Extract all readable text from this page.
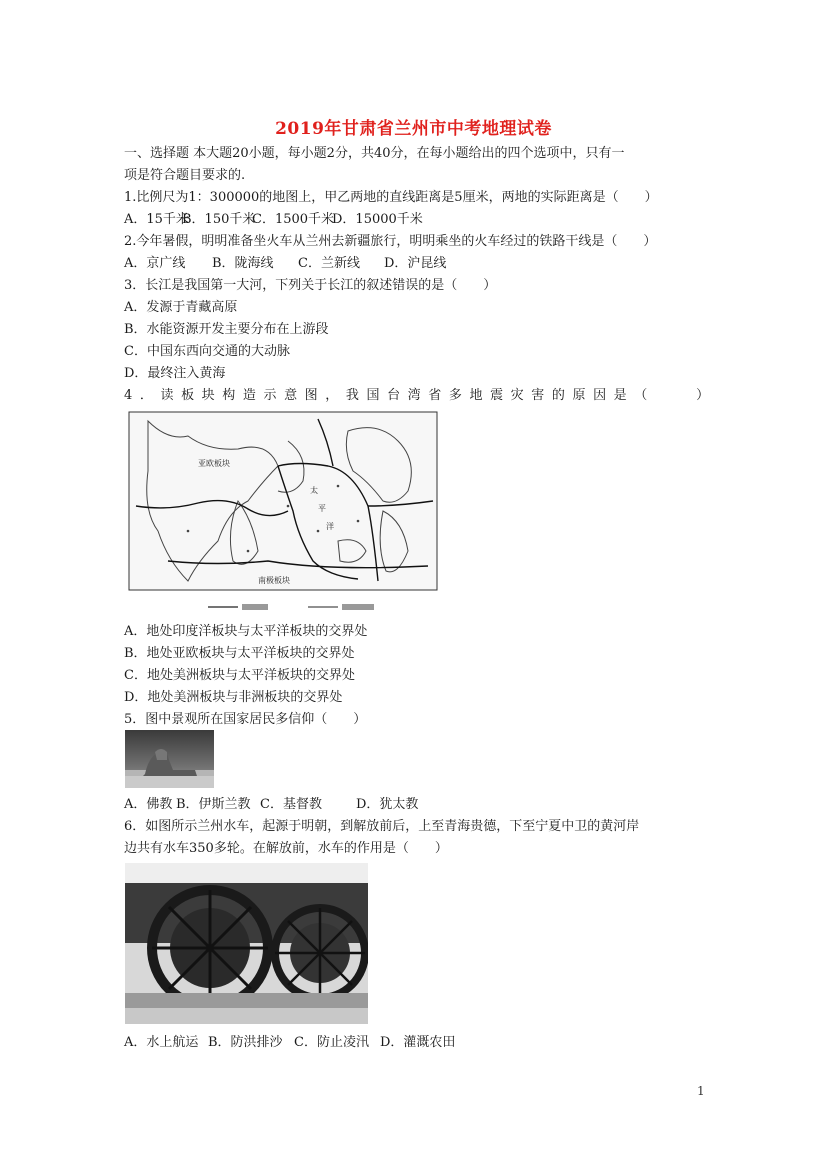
2019年甘肃省兰州市中考地理试卷
一、选择题 本大题20小题，每小题2分，共40分，在每小题给出的四个选项中，只有一
项是符合题目要求的.
1.比例尺为1：300000的地图上，甲乙两地的直线距离是5厘米，两地的实际距离是（　　）
A．15千米B．150千米C．1500千米D．15000千米
2.今年暑假，明明准备坐火车从兰州去新疆旅行，明明乘坐的火车经过的铁路干线是（　　）
A．京广线 B．陇海线 C．兰新线 D．沪昆线
3．长江是我国第一大河，下列关于长江的叙述错误的是（　　）
A．发源于青藏高原
B．水能资源开发主要分布在上游段
C．中国东西向交通的大动脉
D．最终注入黄海
4．读板块构造示意图，我国台湾省多地震灾害的原因是（　　）
亚欧板块
太
平
洋
南极板块
A．地处印度洋板块与太平洋板块的交界处
B．地处亚欧板块与太平洋板块的交界处
C．地处美洲板块与太平洋板块的交界处
D．地处美洲板块与非洲板块的交界处
5．图中景观所在国家居民多信仰（　　）
A．佛教 B．伊斯兰教 C．基督教	D．犹太教
6．如图所示兰州水车，起源于明朝，到解放前后，上至青海贵德，下至宁夏中卫的黄河岸
边共有水车350多轮。在解放前，水车的作用是（　　）
A．水上航运 B．防洪排沙 C．防止凌汛 D．灌溉农田
1
